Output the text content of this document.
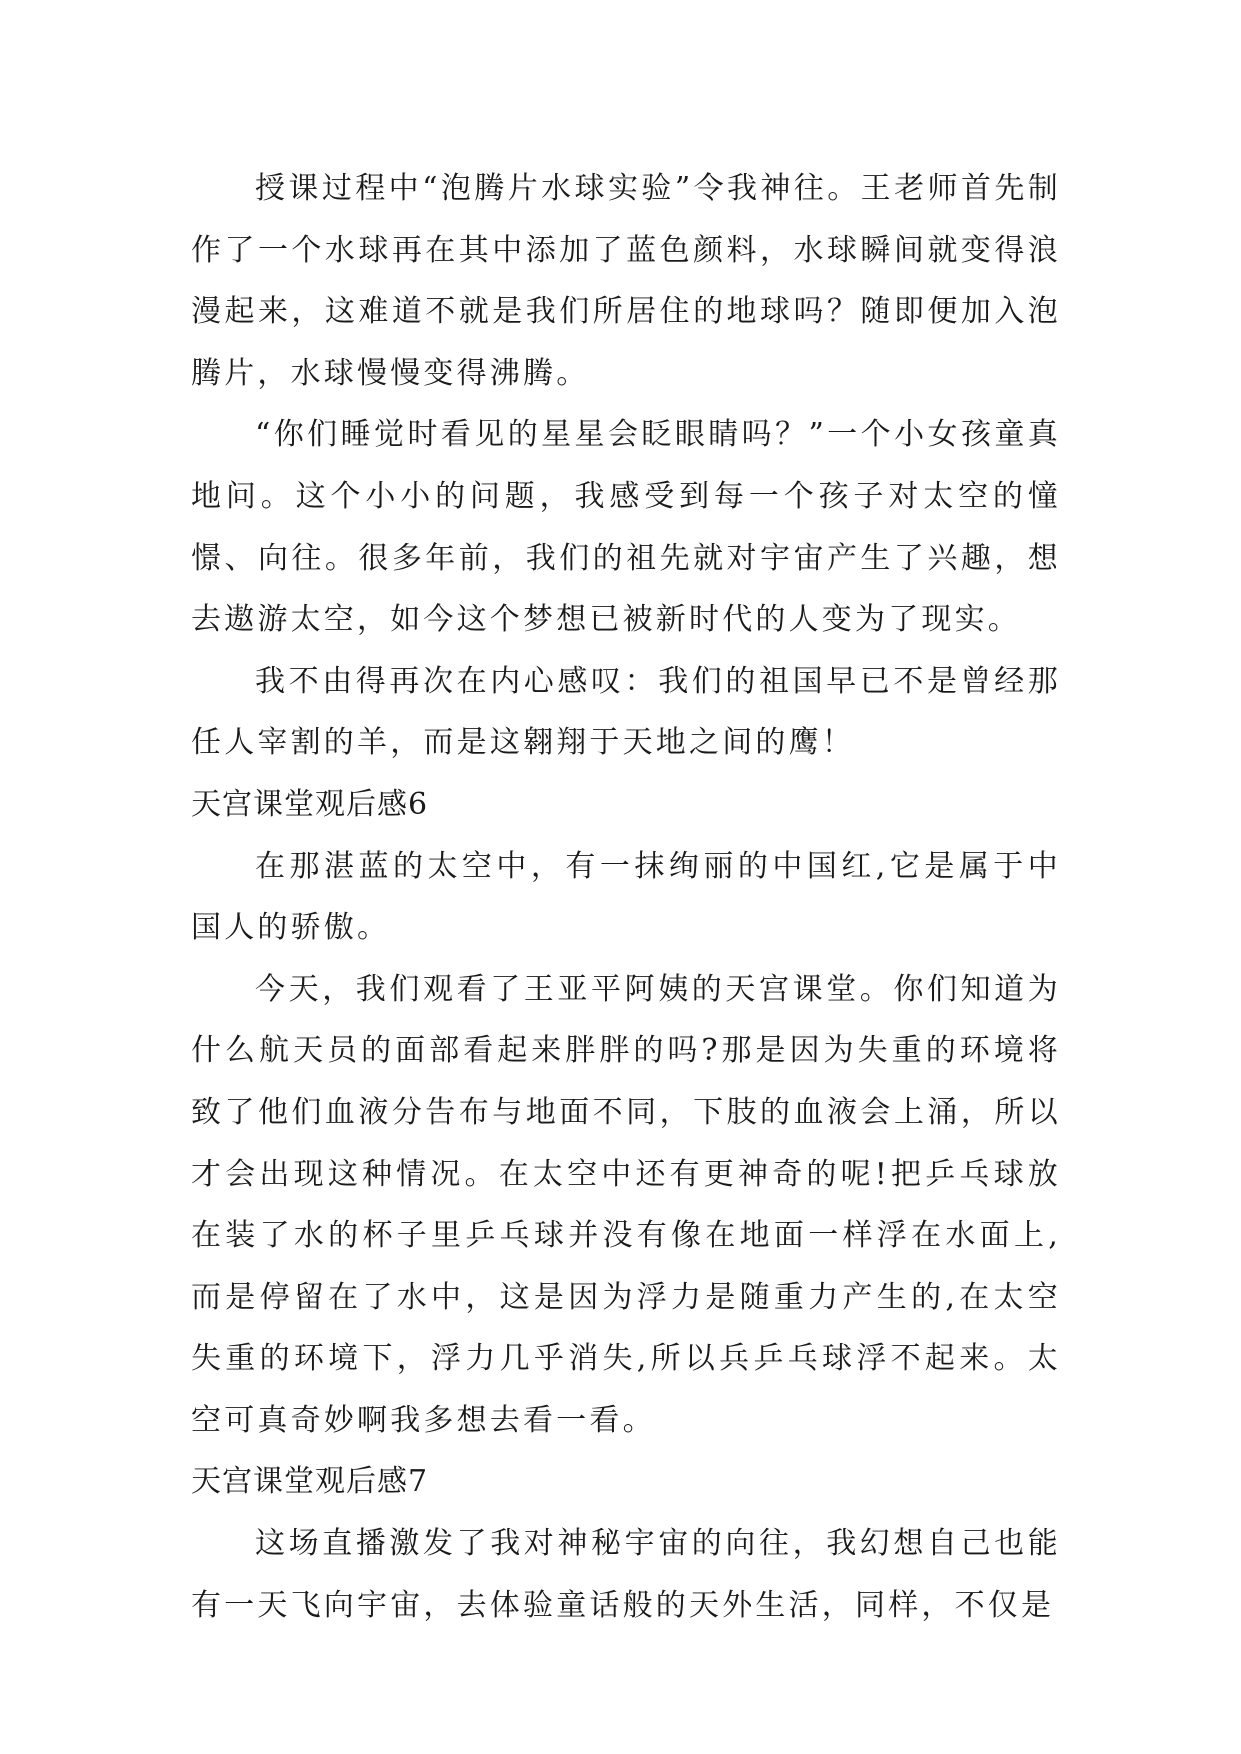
授课过程中“泡腾片水球实验”令我神往。王老师首先制作了一个水球再在其中添加了蓝色颜料，水球瞬间就变得浪漫起来，这难道不就是我们所居住的地球吗？随即便加入泡腾片，水球慢慢变得沸腾。

“你们睡觉时看见的星星会眨眼睛吗？”一个小女孩童真地问。这个小小的问题，我感受到每一个孩子对太空的憧憬、向往。很多年前，我们的祖先就对宇宙产生了兴趣，想去遨游太空，如今这个梦想已被新时代的人变为了现实。

我不由得再次在内心感叹：我们的祖国早已不是曾经那任人宰割的羊，而是这翱翔于天地之间的鹰！

天宫课堂观后感6

在那湛蓝的太空中，有一抹绚丽的中国红,它是属于中国人的骄傲。

今天，我们观看了王亚平阿姨的天宫课堂。你们知道为什么航天员的面部看起来胖胖的吗?那是因为失重的环境将致了他们血液分告布与地面不同，下肢的血液会上涌，所以才会出现这种情况。在太空中还有更神奇的呢!把乒乓球放在装了水的杯子里乒乓球并没有像在地面一样浮在水面上,而是停留在了水中，这是因为浮力是随重力产生的,在太空失重的环境下，浮力几乎消失,所以兵乒乓球浮不起来。太空可真奇妙啊我多想去看一看。

天宫课堂观后感7

这场直播激发了我对神秘宇宙的向往，我幻想自己也能有一天飞向宇宙，去体验童话般的天外生活，同样，不仅是
